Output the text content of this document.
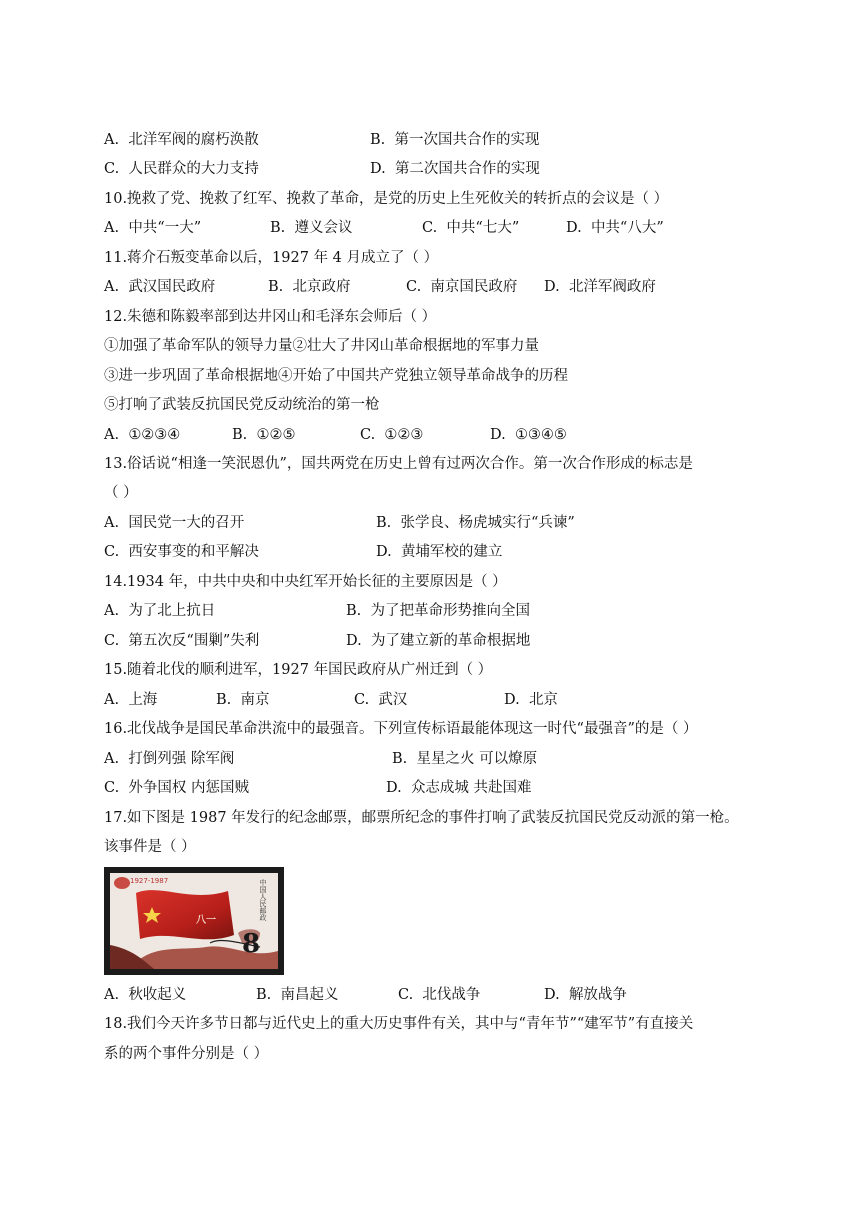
A. 北洋军阀的腐朽涣散	B. 第一次国共合作的实现
C. 人民群众的大力支持	D. 第二次国共合作的实现
10.挽救了党、挽救了红军、挽救了革命，是党的历史上生死攸关的转折点的会议是（ ）
A. 中共“一大”	B. 遵义会议	C. 中共“七大”	D. 中共“八大”
11.蒋介石叛变革命以后，1927 年 4 月成立了（ ）
A. 武汉国民政府	B. 北京政府	C. 南京国民政府 D. 北洋军阀政府
12.朱德和陈毅率部到达井冈山和毛泽东会师后（ ）
①加强了革命军队的领导力量②壮大了井冈山革命根据地的军事力量
③进一步巩固了革命根据地④开始了中国共产党独立领导革命战争的历程
⑤打响了武装反抗国民党反动统治的第一枪
A. ①②③④	B. ①②⑤	C. ①②③	D. ①③④⑤
13.俗话说“相逢一笑泯恩仇”，国共两党在历史上曾有过两次合作。第一次合作形成的标志是
（ ）
A. 国民党一大的召开	B. 张学良、杨虎城实行“兵谏”
C. 西安事变的和平解决	D. 黄埔军校的建立
14.1934 年，中共中央和中央红军开始长征的主要原因是（ ）
A. 为了北上抗日	B. 为了把革命形势推向全国
C. 第五次反“围剿”失利	D. 为了建立新的革命根据地
15.随着北伐的顺利进军，1927 年国民政府从广州迁到（ ）
A. 上海	B. 南京	C. 武汉	D. 北京
16.北伐战争是国民革命洪流中的最强音。下列宣传标语最能体现这一时代“最强音”的是（ ）
A. 打倒列强 除军阀	B. 星星之火 可以燎原
C. 外争国权 内惩国贼	D. 众志成城 共赴国难
17.如下图是 1987 年发行的纪念邮票，邮票所纪念的事件打响了武装反抗国民党反动派的第一枪。
该事件是（ ）
1927-1987
八一	中国人民邮政
8
A. 秋收起义	B. 南昌起义	C. 北伐战争	D. 解放战争
18.我们今天许多节日都与近代史上的重大历史事件有关，其中与“青年节”“建军节”有直接关
系的两个事件分别是（ ）
